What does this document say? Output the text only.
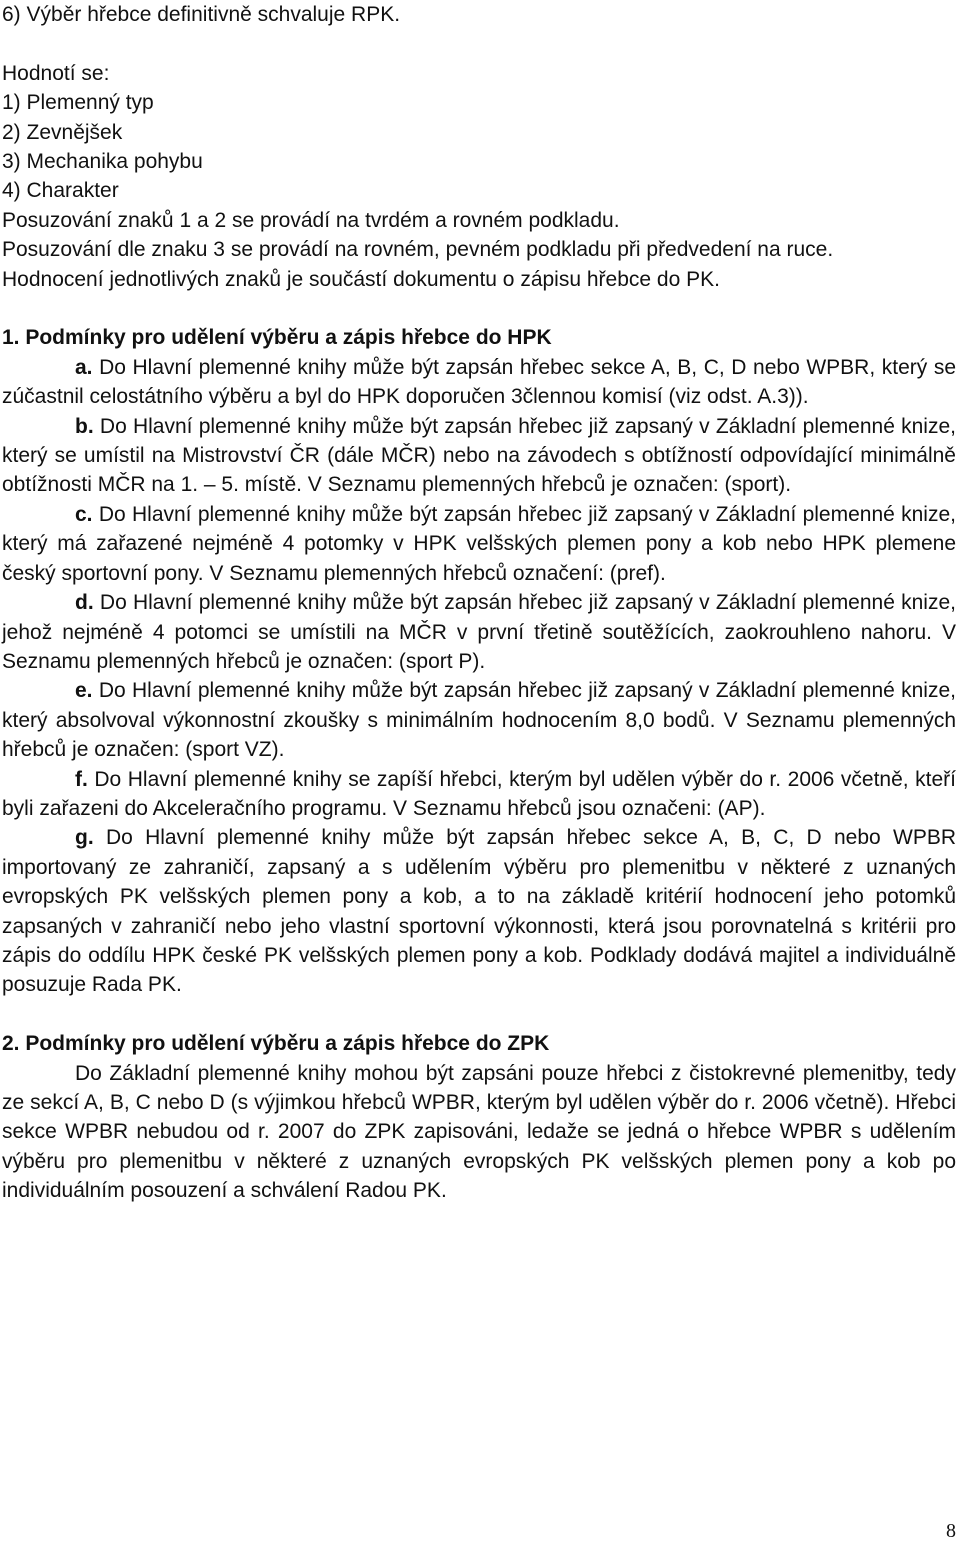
6) Výběr hřebce definitivně schvaluje RPK.

Hodnotí se:

1) Plemenný typ

2) Zevnějšek

3) Mechanika pohybu

4) Charakter

Posuzování znaků 1 a 2 se provádí na tvrdém a rovném podkladu.

Posuzování dle znaku 3 se provádí na rovném, pevném podkladu při předvedení na ruce.

Hodnocení jednotlivých znaků je součástí dokumentu o zápisu hřebce do PK.

1. Podmínky pro udělení výběru a zápis hřebce do HPK

a. Do Hlavní plemenné knihy může být zapsán hřebec sekce A, B, C, D nebo WPBR, který se zúčastnil celostátního výběru a byl do HPK doporučen 3člennou komisí (viz odst. A.3)).

b. Do Hlavní plemenné knihy může být zapsán hřebec již zapsaný v Základní plemenné knize, který se umístil na Mistrovství ČR (dále MČR) nebo na závodech s obtížností odpovídající minimálně obtížnosti MČR na 1. – 5. místě. V Seznamu plemenných hřebců je označen: (sport).

c. Do Hlavní plemenné knihy může být zapsán hřebec již zapsaný v Základní plemenné knize, který má zařazené nejméně 4 potomky v HPK velšských plemen pony a kob nebo HPK plemene český sportovní pony. V Seznamu plemenných hřebců označení: (pref).

d. Do Hlavní plemenné knihy může být zapsán hřebec již zapsaný v Základní plemenné knize, jehož nejméně 4 potomci se umístili na MČR v první třetině soutěžících, zaokrouhleno nahoru. V Seznamu plemenných hřebců je označen: (sport P).

e. Do Hlavní plemenné knihy může být zapsán hřebec již zapsaný v Základní plemenné knize, který absolvoval výkonnostní zkoušky s minimálním hodnocením 8,0 bodů. V Seznamu plemenných hřebců je označen: (sport VZ).

f. Do Hlavní plemenné knihy se zapíší hřebci, kterým byl udělen výběr do r. 2006 včetně, kteří byli zařazeni do Akceleračního programu. V Seznamu hřebců jsou označeni: (AP).

g. Do Hlavní plemenné knihy může být zapsán hřebec sekce A, B, C, D nebo WPBR importovaný ze zahraničí, zapsaný a s udělením výběru pro plemenitbu v některé z uznaných evropských PK velšských plemen pony a kob, a to na základě kritérií hodnocení jeho potomků zapsaných v zahraničí nebo jeho vlastní sportovní výkonnosti, která jsou porovnatelná s kritérii pro zápis do oddílu HPK české PK velšských plemen pony a kob. Podklady dodává majitel a individuálně posuzuje Rada PK.

2. Podmínky pro udělení výběru a zápis hřebce do ZPK

Do Základní plemenné knihy mohou být zapsáni pouze hřebci z čistokrevné plemenitby, tedy ze sekcí A, B, C nebo D (s výjimkou hřebců WPBR, kterým byl udělen výběr do r. 2006 včetně). Hřebci sekce WPBR nebudou od r. 2007 do ZPK zapisováni, ledaže se jedná o hřebce WPBR s udělením výběru pro plemenitbu v některé z uznaných evropských PK velšských plemen pony a kob po individuálním posouzení a schválení Radou PK.

8
